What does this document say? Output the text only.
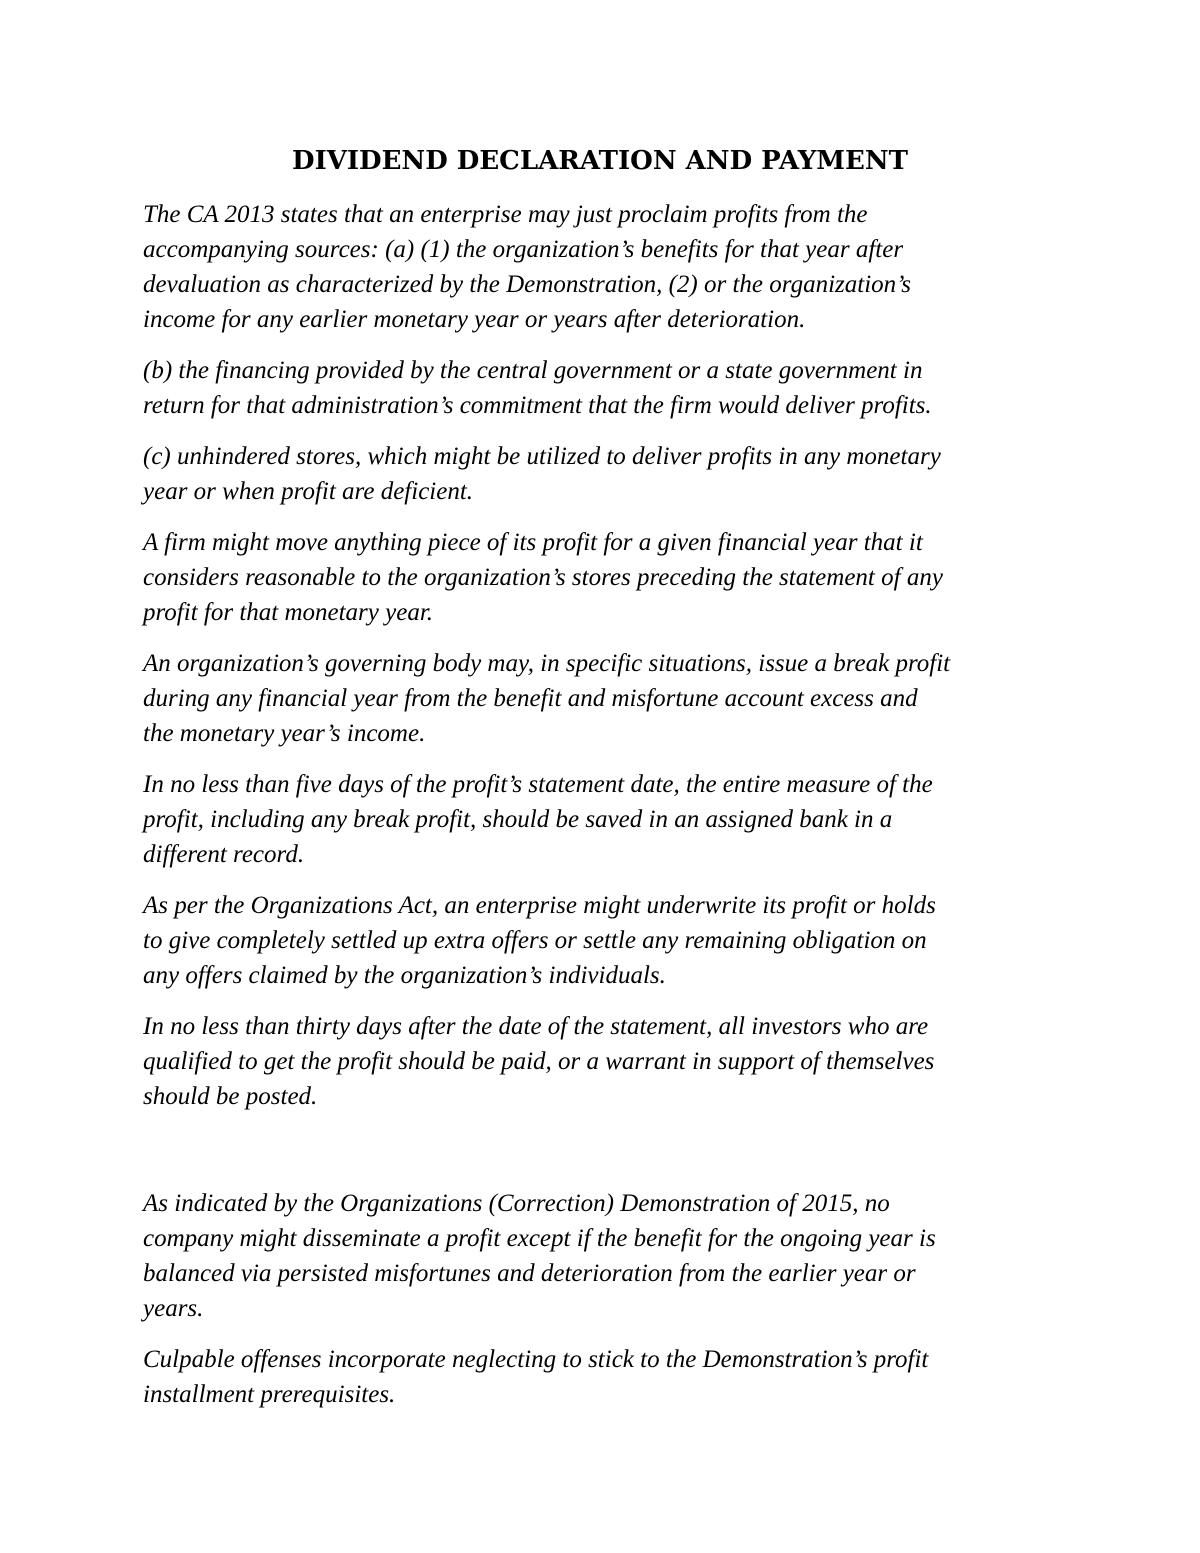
DIVIDEND DECLARATION AND PAYMENT

The CA 2013 states that an enterprise may just proclaim profits from the
accompanying sources: (a) (1) the organization’s benefits for that year after
devaluation as characterized by the Demonstration, (2) or the organization’s
income for any earlier monetary year or years after deterioration.

(b) the financing provided by the central government or a state government in
return for that administration’s commitment that the firm would deliver profits.

(c) unhindered stores, which might be utilized to deliver profits in any monetary
year or when profit are deficient.

A firm might move anything piece of its profit for a given financial year that it
considers reasonable to the organization’s stores preceding the statement of any
profit for that monetary year.

An organization’s governing body may, in specific situations, issue a break profit
during any financial year from the benefit and misfortune account excess and
the monetary year’s income.

In no less than five days of the profit’s statement date, the entire measure of the
profit, including any break profit, should be saved in an assigned bank in a
different record.

As per the Organizations Act, an enterprise might underwrite its profit or holds
to give completely settled up extra offers or settle any remaining obligation on
any offers claimed by the organization’s individuals.

In no less than thirty days after the date of the statement, all investors who are
qualified to get the profit should be paid, or a warrant in support of themselves
should be posted.

As indicated by the Organizations (Correction) Demonstration of 2015, no
company might disseminate a profit except if the benefit for the ongoing year is
balanced via persisted misfortunes and deterioration from the earlier year or
years.

Culpable offenses incorporate neglecting to stick to the Demonstration’s profit
installment prerequisites.
